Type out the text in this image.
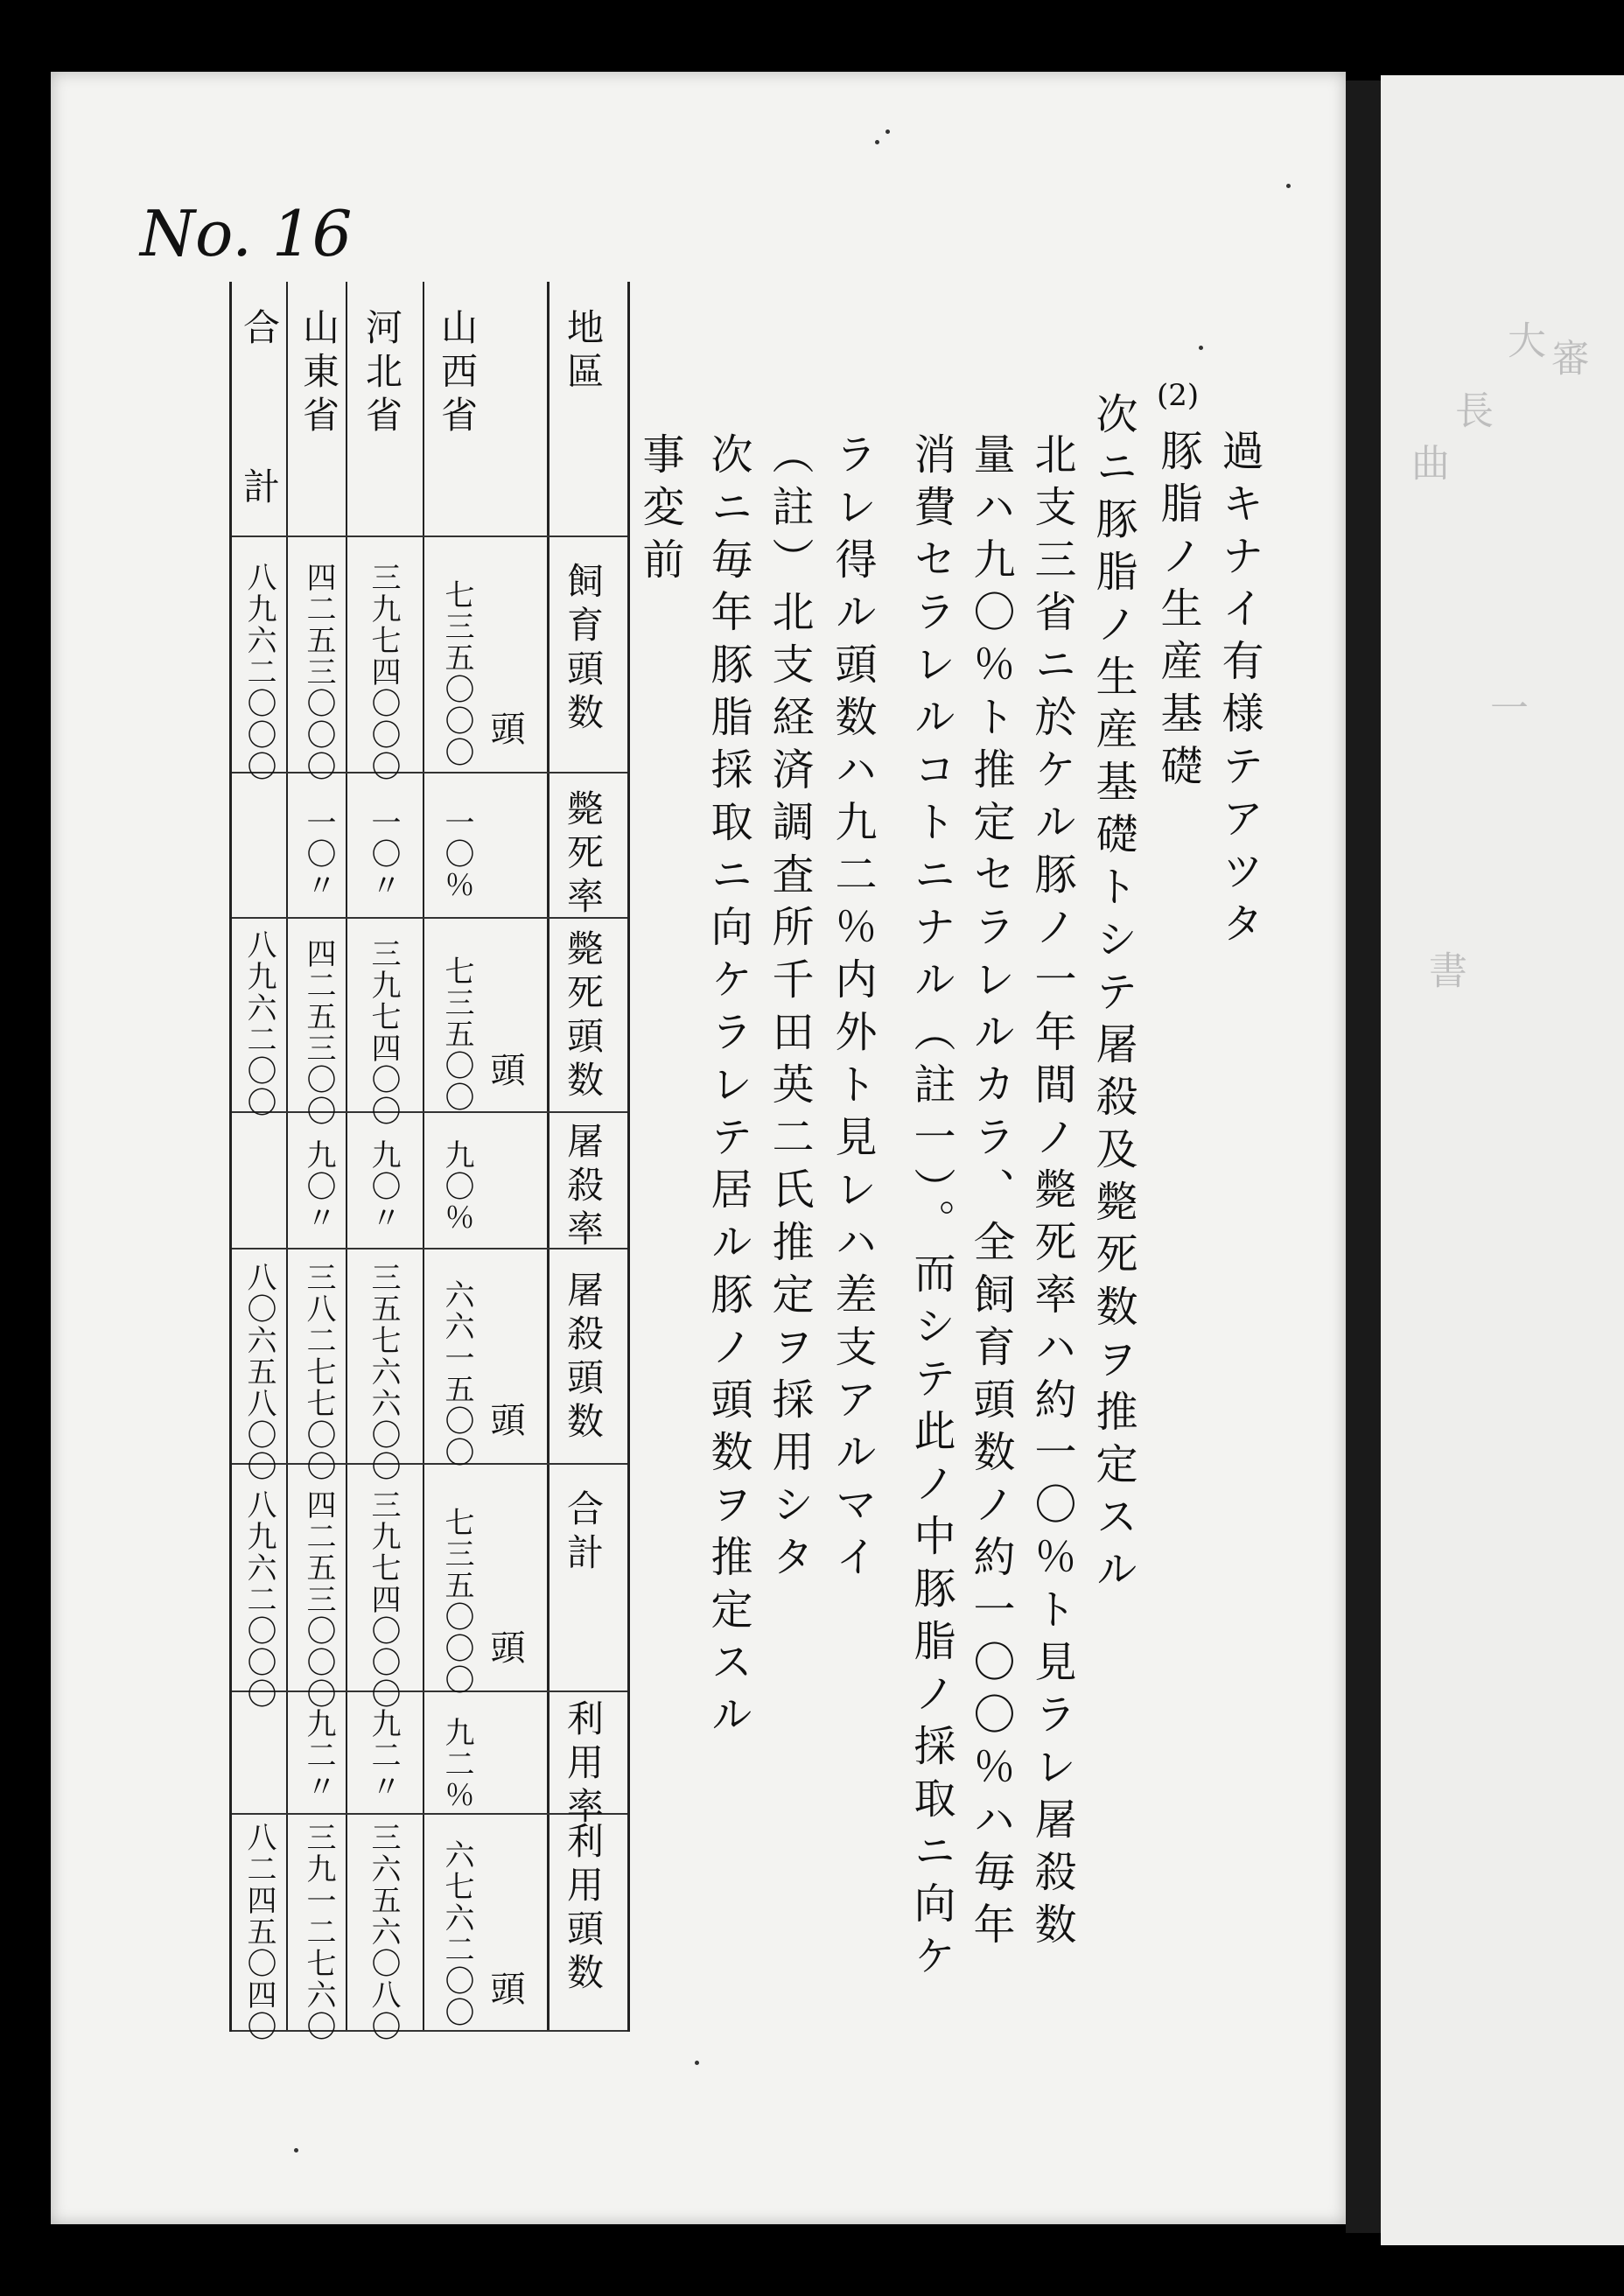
大 審
長
曲
一
書
No. 16
(2)
過キナイ有様テアツタ
豚脂ノ生産基礎
次ニ豚脂ノ生産基礎トシテ屠殺及斃死数ヲ推定スル
北支三省ニ於ケル豚ノ一年間ノ斃死率ハ約一〇％ト見ラレ屠殺数
量ハ九〇％ト推定セラレルカラ、全飼育頭数ノ約一〇〇％ハ毎年
消費セラレルコトニナル（註一）。而シテ此ノ中豚脂ノ採取ニ向ケ
ラレ得ル頭数ハ九二％内外ト見レハ差支アルマイ
（註）北支経済調査所千田英二氏推定ヲ採用シタ
次ニ毎年豚脂採取ニ向ケラレテ居ル豚ノ頭数ヲ推定スル
事変前
地區
飼育頭数
斃死率
斃死頭数
屠殺率
屠殺頭数
合計
利用率
利用頭数
頭
頭
頭
頭
頭
山西省
七三五〇〇〇
一〇％
七三五〇〇
九〇％
六六一五〇〇
七三五〇〇〇
九二％
六七六二〇〇
河北省
三九七四〇〇〇
一〇〃
三九七四〇〇
九〇〃
三五七六六〇〇
三九七四〇〇〇
九二〃
三六五六〇八〇
山東省
四二五三〇〇〇
一〇〃
四二五三〇〇
九〇〃
三八二七七〇〇
四二五三〇〇〇
九二〃
三九一二七六〇
合計
八九六二〇〇〇
八九六二〇〇
八〇六五八〇〇
八九六二〇〇〇
八二四五〇四〇
